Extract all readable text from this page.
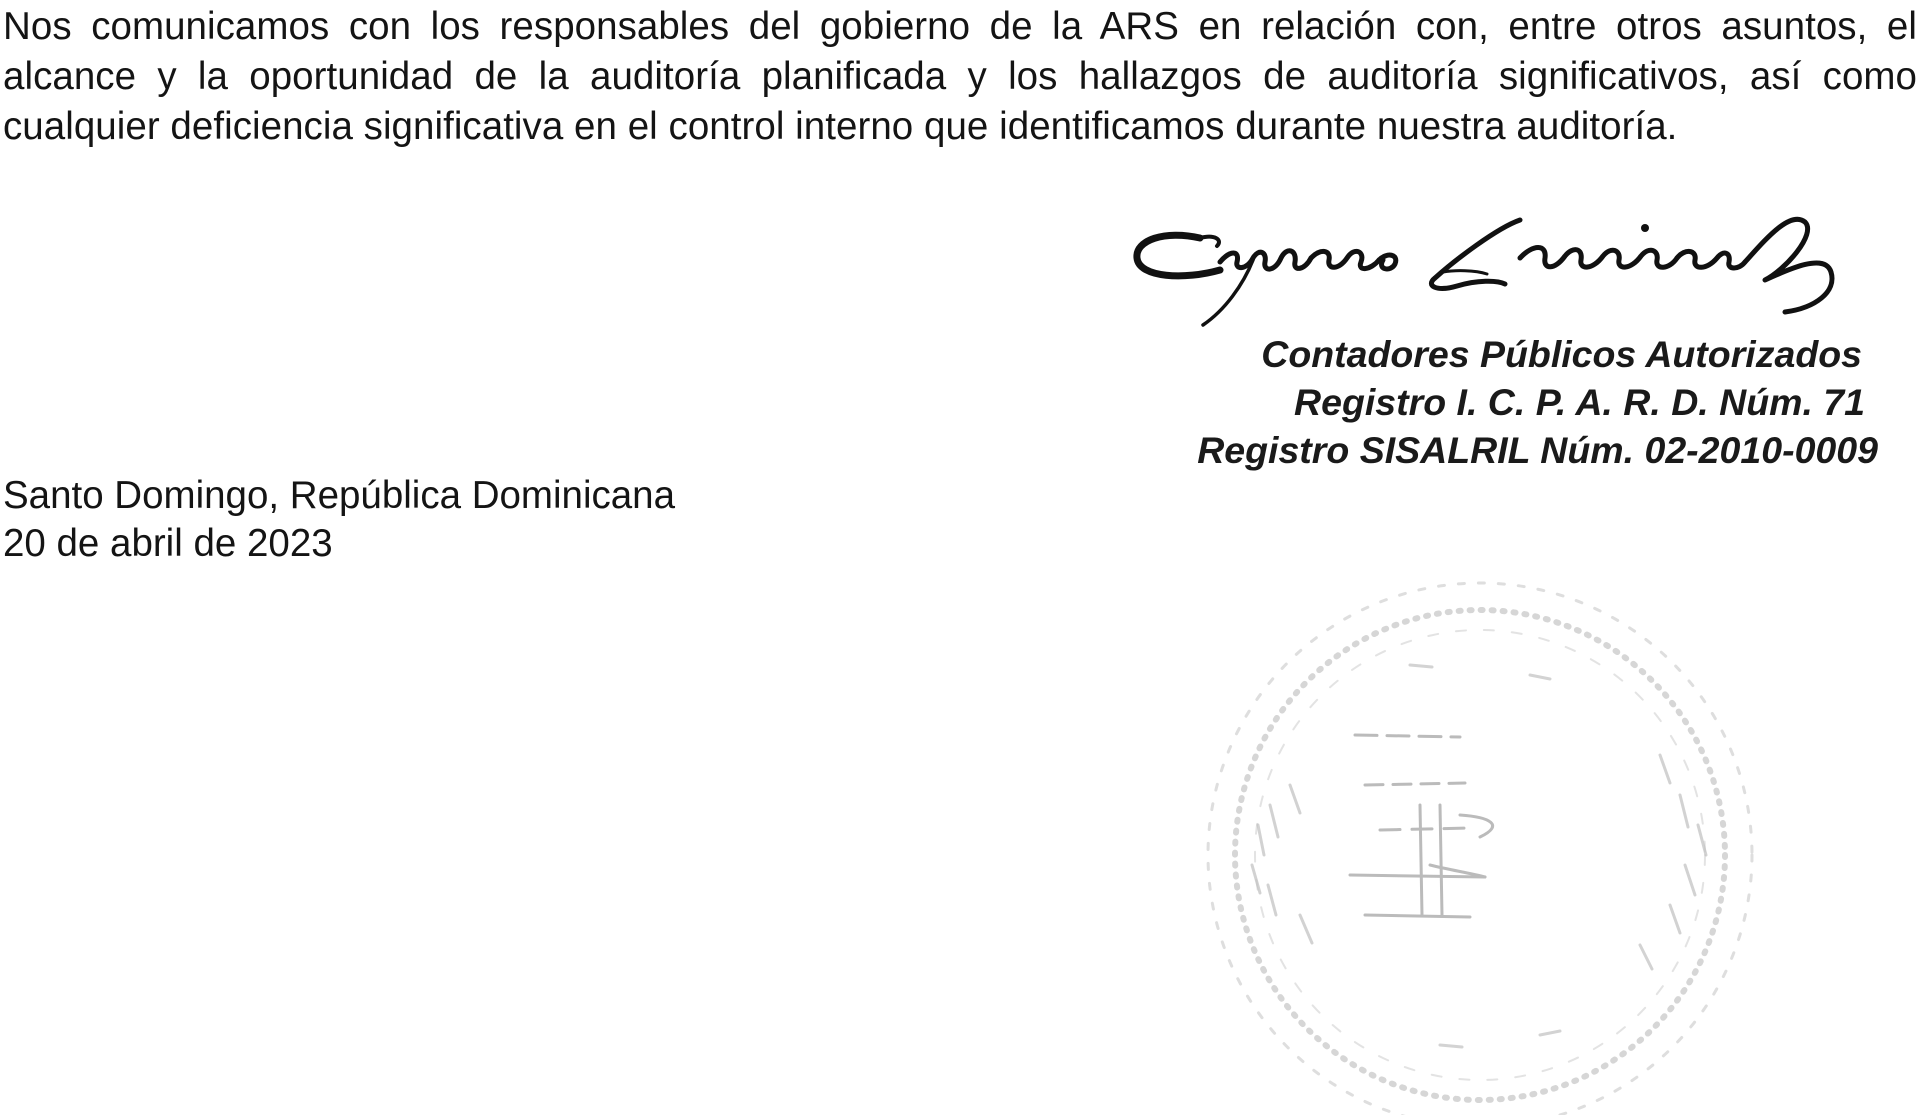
Nos comunicamos con los responsables del gobierno de la ARS en relación con, entre otros asuntos, el alcance y la oportunidad de la auditoría planificada y los hallazgos de auditoría significativos, así como cualquier deficiencia significativa en el control interno que identificamos durante nuestra auditoría.

Contadores Públicos Autorizados
Registro I. C. P. A. R. D. Núm. 71
Registro SISALRIL Núm. 02-2010-0009
Santo Domingo, República Dominicana
20 de abril de 2023
